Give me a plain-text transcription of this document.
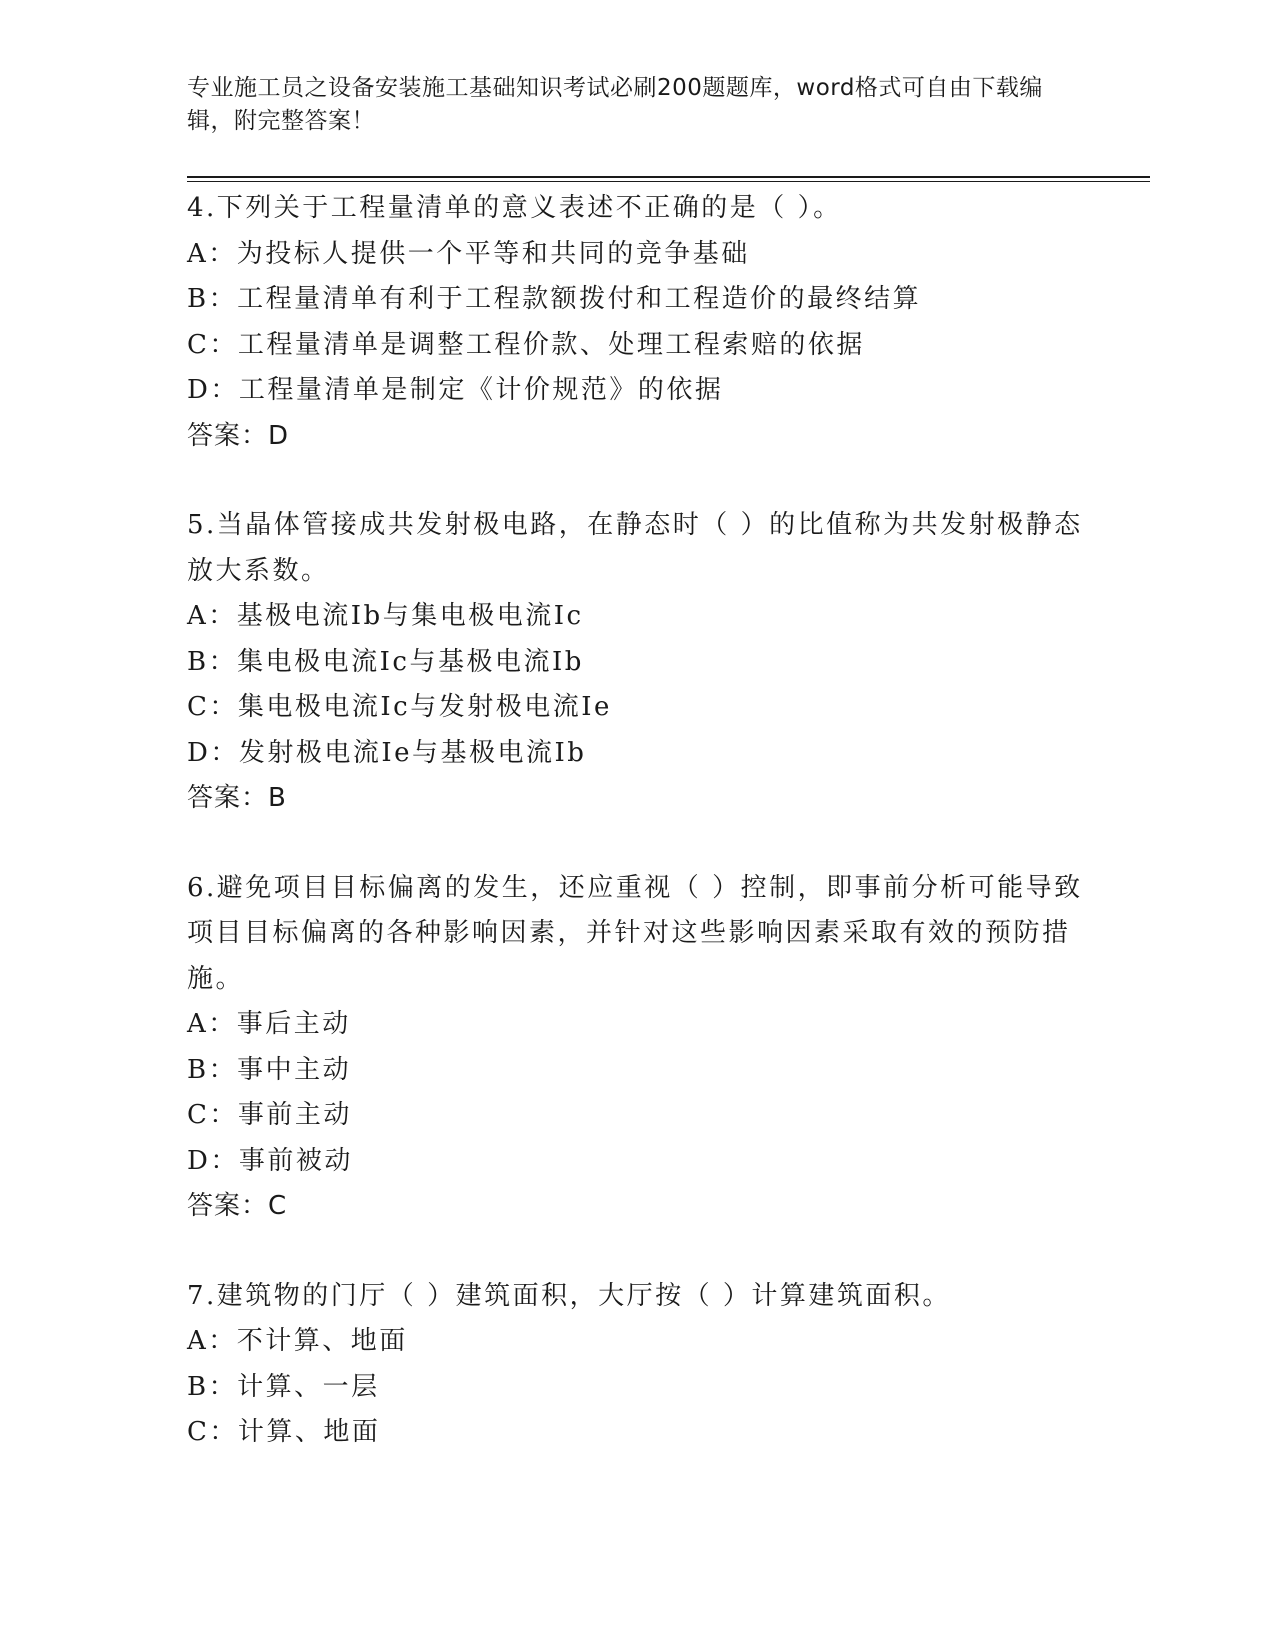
专业施工员之设备安装施工基础知识考试必刷200题题库，word格式可自由下载编辑，附完整答案！
4.下列关于工程量清单的意义表述不正确的是（ ）。
A：为投标人提供一个平等和共同的竞争基础
B：工程量清单有利于工程款额拨付和工程造价的最终结算
C：工程量清单是调整工程价款、处理工程索赔的依据
D：工程量清单是制定《计价规范》的依据
答案：D
5.当晶体管接成共发射极电路，在静态时（ ）的比值称为共发射极静态放大系数。
A：基极电流Ib与集电极电流Ic
B：集电极电流Ic与基极电流Ib
C：集电极电流Ic与发射极电流Ie
D：发射极电流Ie与基极电流Ib
答案：B
6.避免项目目标偏离的发生，还应重视（ ）控制，即事前分析可能导致项目目标偏离的各种影响因素，并针对这些影响因素采取有效的预防措施。
A：事后主动
B：事中主动
C：事前主动
D：事前被动
答案：C
7.建筑物的门厅（ ）建筑面积，大厅按（ ）计算建筑面积。
A：不计算、地面
B：计算、一层
C：计算、地面
